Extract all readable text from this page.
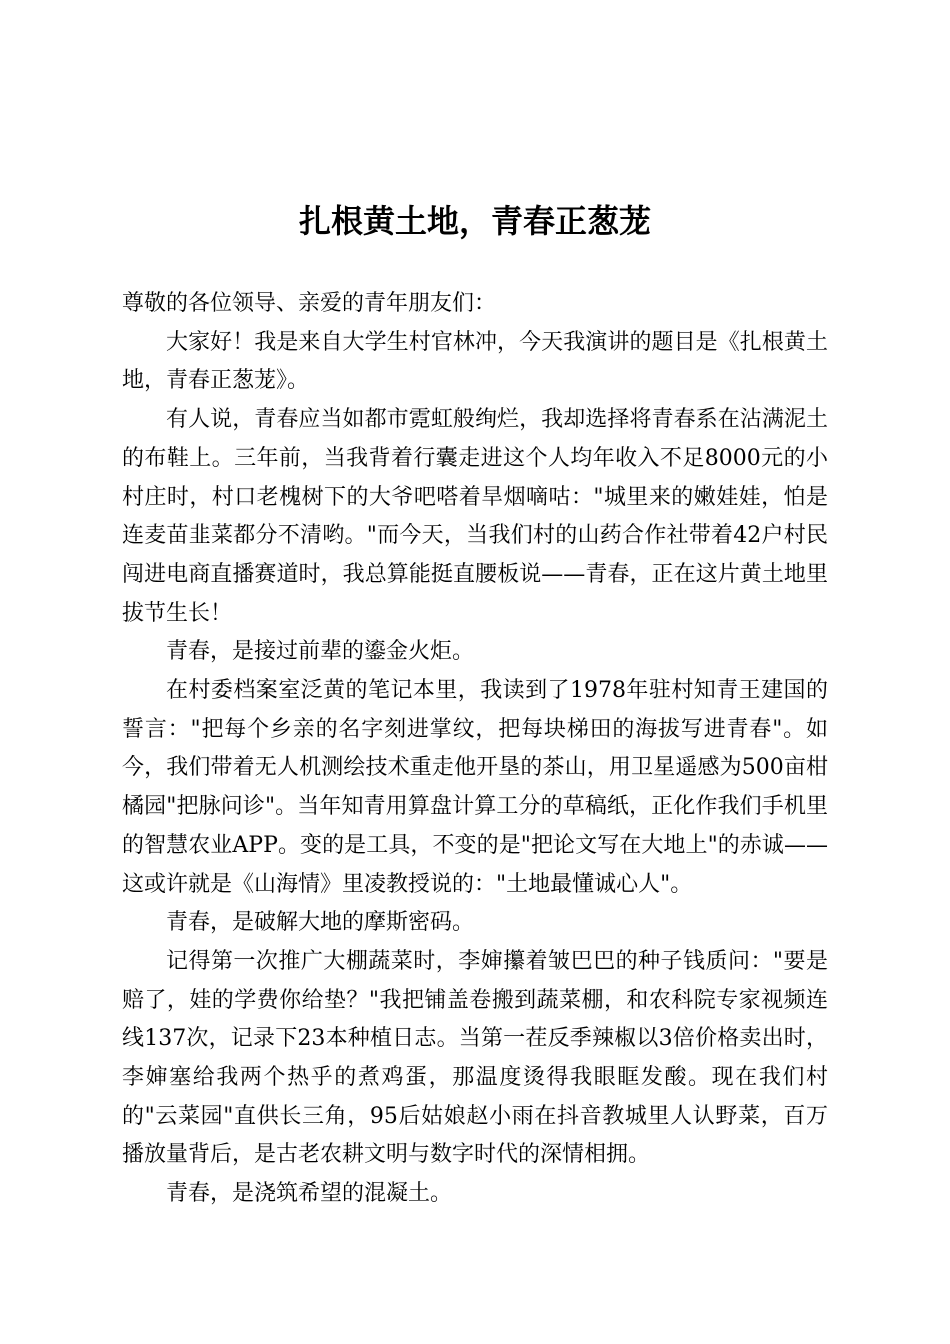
扎根黄土地，青春正葱茏

尊敬的各位领导、亲爱的青年朋友们：

大家好！我是来自大学生村官林冲，今天我演讲的题目是《扎根黄土地，青春正葱茏》。

有人说，青春应当如都市霓虹般绚烂，我却选择将青春系在沾满泥土的布鞋上。三年前，当我背着行囊走进这个人均年收入不足8000元的小村庄时，村口老槐树下的大爷吧嗒着旱烟嘀咕："城里来的嫩娃娃，怕是连麦苗韭菜都分不清哟。"而今天，当我们村的山药合作社带着42户村民闯进电商直播赛道时，我总算能挺直腰板说——青春，正在这片黄土地里拔节生长！

青春，是接过前辈的鎏金火炬。

在村委档案室泛黄的笔记本里，我读到了1978年驻村知青王建国的誓言："把每个乡亲的名字刻进掌纹，把每块梯田的海拔写进青春"。如今，我们带着无人机测绘技术重走他开垦的茶山，用卫星遥感为500亩柑橘园"把脉问诊"。当年知青用算盘计算工分的草稿纸，正化作我们手机里的智慧农业APP。变的是工具，不变的是"把论文写在大地上"的赤诚——这或许就是《山海情》里凌教授说的："土地最懂诚心人"。

青春，是破解大地的摩斯密码。

记得第一次推广大棚蔬菜时，李婶攥着皱巴巴的种子钱质问："要是赔了，娃的学费你给垫？"我把铺盖卷搬到蔬菜棚，和农科院专家视频连线137次，记录下23本种植日志。当第一茬反季辣椒以3倍价格卖出时，李婶塞给我两个热乎的煮鸡蛋，那温度烫得我眼眶发酸。现在我们村的"云菜园"直供长三角，95后姑娘赵小雨在抖音教城里人认野菜，百万播放量背后，是古老农耕文明与数字时代的深情相拥。

青春，是浇筑希望的混凝土。
